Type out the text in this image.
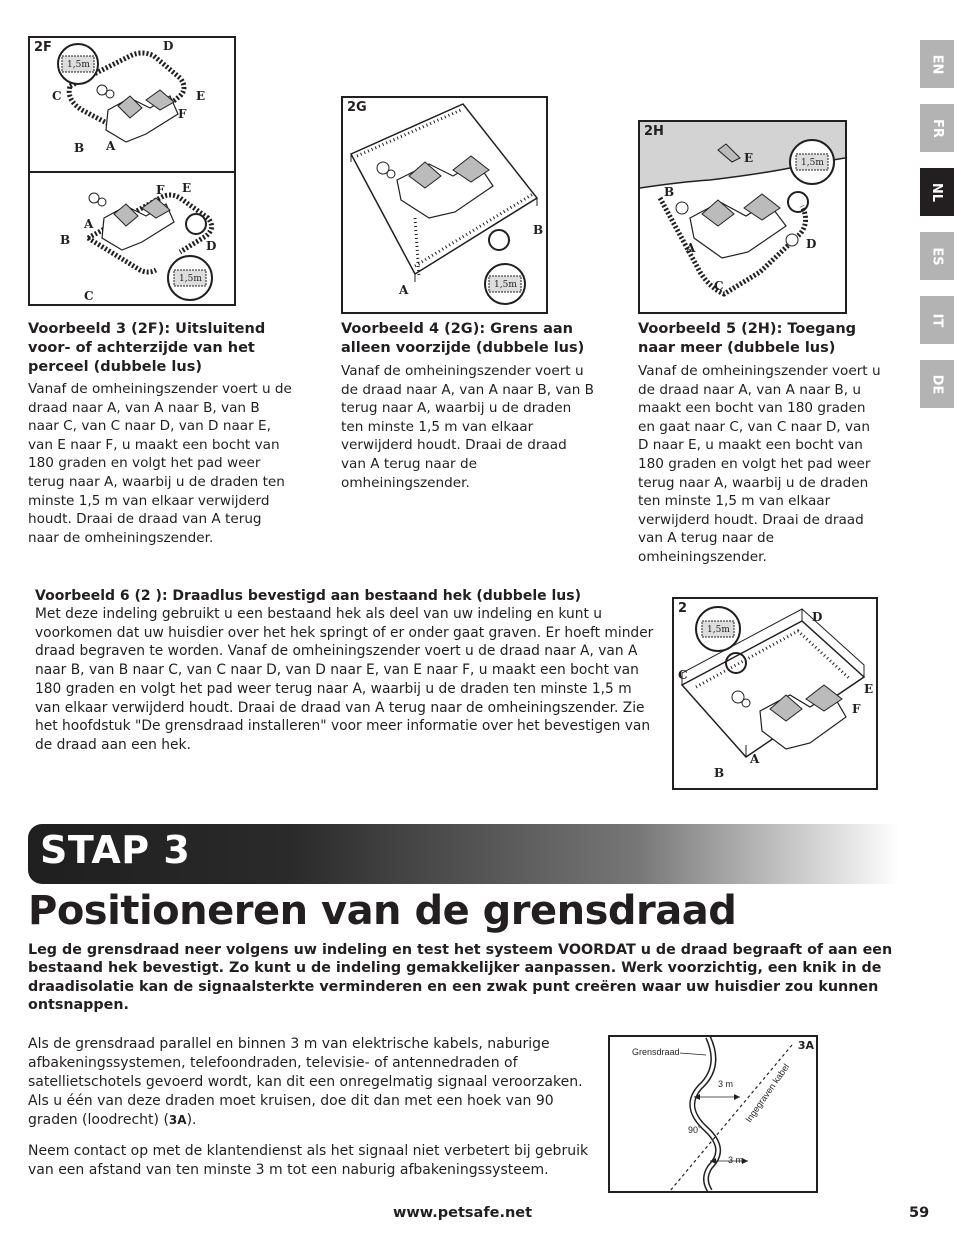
EN
FR
NL
ES
IT
DE
1,5m
D
C	E
F
B A
1,5m
F E
A
B	D
C
2F
1,5m
B
A
2G
1,5m
E
B
A	D
C
2H
Voorbeeld 3 (2F): Uitsluitend voor- of achterzijde van het perceel (dubbele lus)
Vanaf de omheiningszender voert u de draad naar A, van A naar B, van B naar C, van C naar D, van D naar E, van E naar F, u maakt een bocht van 180 graden en volgt het pad weer terug naar A, waarbij u de draden ten minste 1,5 m van elkaar verwijderd houdt. Draai de draad van A terug naar de omheiningszender.
Voorbeeld 4 (2G): Grens aan alleen voorzijde (dubbele lus)
Vanaf de omheiningszender voert u de draad naar A, van A naar B, van B terug naar A, waarbij u de draden ten minste 1,5 m van elkaar verwijderd houdt. Draai de draad van A terug naar de omheiningszender.
Voorbeeld 5 (2H): Toegang naar meer (dubbele lus)
Vanaf de omheiningszender voert u de draad naar A, van A naar B, u maakt een bocht van 180 graden en gaat naar C, van C naar D, van D naar E, u maakt een bocht van 180 graden en volgt het pad weer terug naar A, waarbij u de draden ten minste 1,5 m van elkaar verwijderd houdt. Draai de draad van A terug naar de omheiningszender.
Voorbeeld 6 (2 ): Draadlus bevestigd aan bestaand hek (dubbele lus)
Met deze indeling gebruikt u een bestaand hek als deel van uw indeling en kunt u voorkomen dat uw huisdier over het hek springt of er onder gaat graven. Er hoeft minder draad begraven te worden. Vanaf de omheiningszender voert u de draad naar A, van A naar B, van B naar C, van C naar D, van D naar E, van E naar F, u maakt een bocht van 180 graden en volgt het pad weer terug naar A, waarbij u de draden ten minste 1,5 m van elkaar verwijderd houdt. Draai de draad van A terug naar de omheiningszender. Zie het hoofdstuk "De grensdraad installeren" voor meer informatie over het bevestigen van de draad aan een hek.
1,5m
D
C
E
F
A
B
2
STAP 3
Positioneren van de grensdraad
Leg de grensdraad neer volgens uw indeling en test het systeem VOORDAT u de draad begraaft of aan een bestaand hek bevestigt. Zo kunt u de indeling gemakkelijker aanpassen. Werk voorzichtig, een knik in de draadisolatie kan de signaalsterkte verminderen en een zwak punt creëren waar uw huisdier zou kunnen ontsnappen.
Als de grensdraad parallel en binnen 3 m van elektrische kabels, naburige afbakeningssystemen, telefoondraden, televisie- of antennedraden of satellietschotels gevoerd wordt, kan dit een onregelmatig signaal veroorzaken. Als u één van deze draden moet kruisen, doe dit dan met een hoek van 90 graden (loodrecht) (3A).
Neem contact op met de klantendienst als het signaal niet verbetert bij gebruik van een afstand van ten minste 3 m tot een naburig afbakeningssysteem.
Grensdraad
3 m
3 m
90˚
Ingegraven kabel
3A
www.petsafe.net	59
